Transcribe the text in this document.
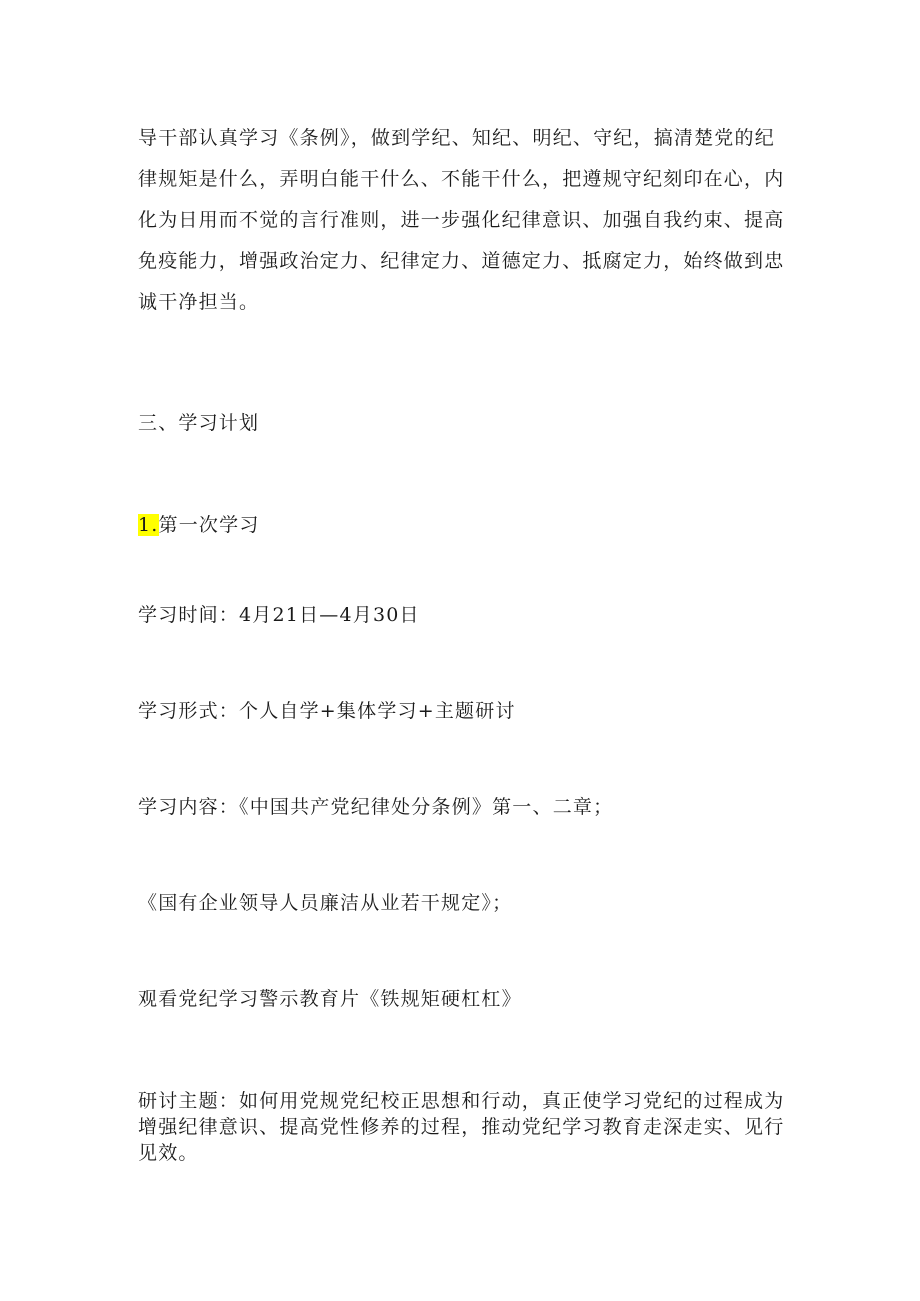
导干部认真学习《条例》，做到学纪、知纪、明纪、守纪，搞清楚党的纪律规矩是什么，弄明白能干什么、不能干什么，把遵规守纪刻印在心，内化为日用而不觉的言行准则，进一步强化纪律意识、加强自我约束、提高免疫能力，增强政治定力、纪律定力、道德定力、抵腐定力，始终做到忠诚干净担当。

三、学习计划

1.第一次学习

学习时间：4月21日—4月30日

学习形式：个人自学+集体学习+主题研讨

学习内容：《中国共产党纪律处分条例》第一、二章；

《国有企业领导人员廉洁从业若干规定》；

观看党纪学习警示教育片《铁规矩硬杠杠》

研讨主题：如何用党规党纪校正思想和行动，真正使学习党纪的过程成为增强纪律意识、提高党性修养的过程，推动党纪学习教育走深走实、见行见效。
